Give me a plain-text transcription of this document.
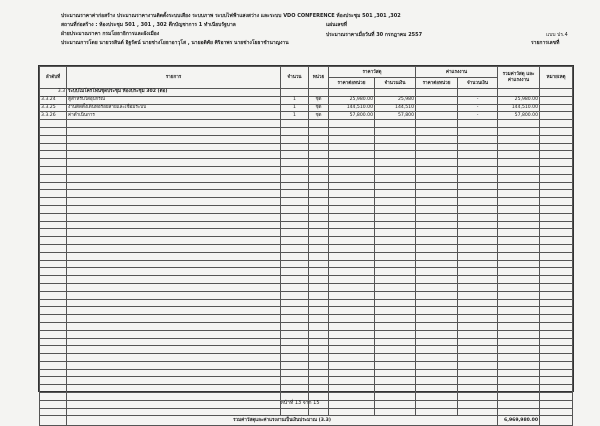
ประมาณราคาค่าก่อสร้าง ประมาณราคางานติดตั้งระบบเสียง ระบบภาพ ระบบไฟฟ้าแสงสว่าง และระบบ VDO CONFERENCE ห้องประชุม 501 ,301 ,302
แบบ ปร.4
สถานที่ก่อสร้าง : ห้องประชุม 501 , 301 , 302 ตึกบัญชาการ 1 ทำเนียบรัฐบาล	แผ่นเลขที่
รายการเลขที่
ฝ่ายประมาณราคา กรมโยธาธิการและผังเมือง	ประมาณราคาเมื่อวันที่ 30 กรกฎาคม 2557
ประมาณการโดย นายวรสินต์ อิฐรัตน์ นายช่างโยธาอาวุโส , นายอดิศัย ศิริอาพร นายช่างโยธาชำนาญงาน
ลำดับที่	รายการ	จำนวน	หน่วย	ราคาวัสดุ		ค่าแรงงาน		รวมค่าวัสดุ และค่าแรงงาน	หมายเหตุ
				ราคาต่อหน่วย	จำนวนเงิน	ราคาต่อหน่วย	จำนวนเงิน		
3.3	ระบบไมโครโฟนชุดประชุม ห้องประชุม 302 (ต่อ)								
3.3.24	ตู้สำหรับใส่อุปกรณ์	1	ชุด	25,980.00	25,980		-	25,980.00	
3.3.25	งานติดตั้งเดินท่อร้อยสายและเชื่อมระบบ	1	ชุด	144,510.00	144,510		-	144,510.00	
3.3.26	ค่าดำเนินการ	1	ชุด	57,800.00	57,800		-	57,800.00	

	รวมค่าวัสดุและค่าแรงงานเป็นเงินประมาณ (3.3)							6,969,980.00	
หน้าที่ 13 จาก 15
